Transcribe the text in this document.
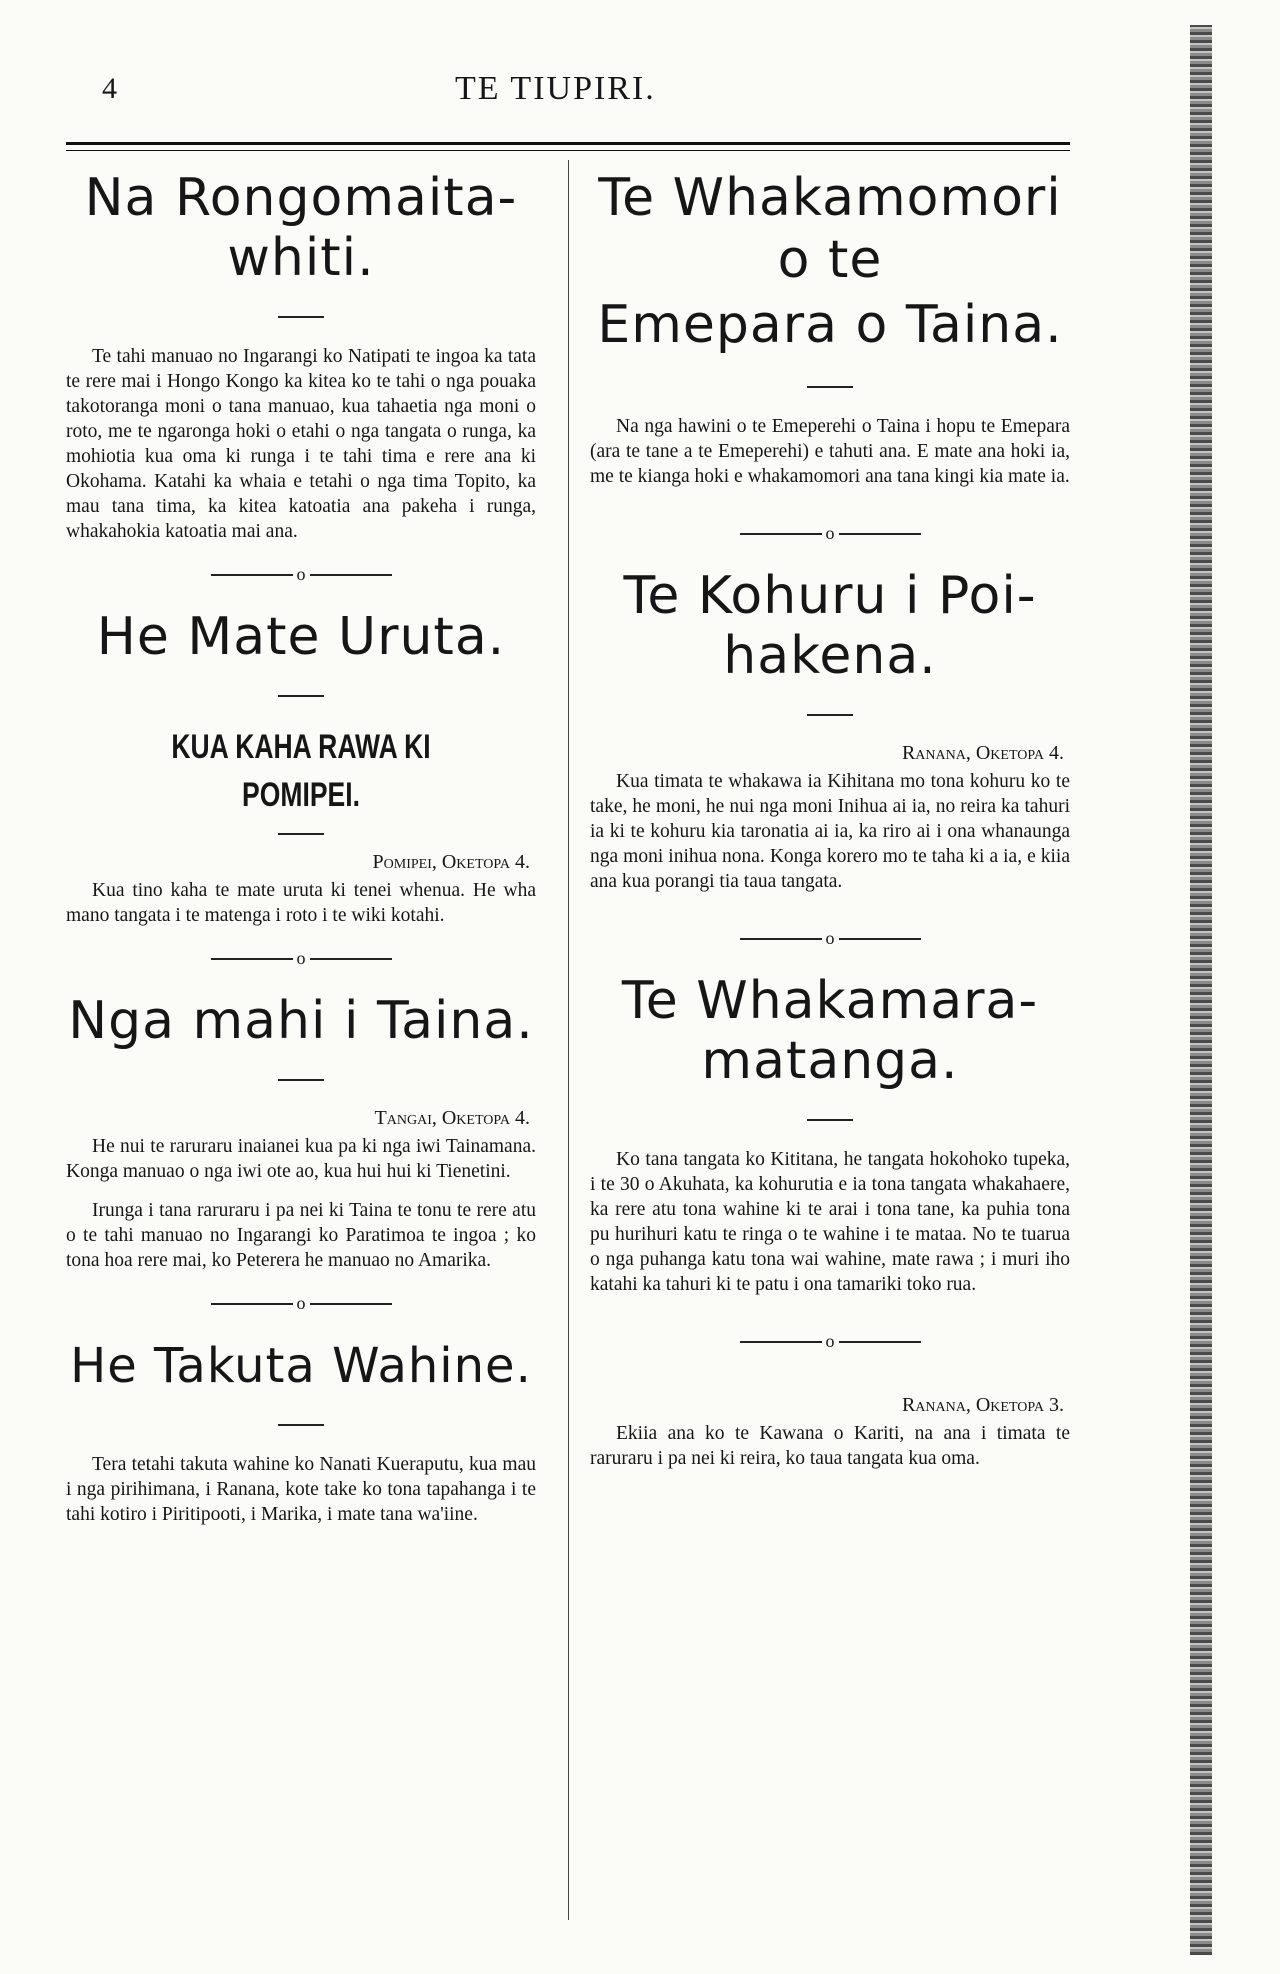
4	TE TIUPIRI.
Na Rongomaita-
whiti.

Te tahi manuao no Ingarangi ko Natipati te ingoa ka tata te rere mai i Hongo Kongo ka kitea ko te tahi o nga pouaka takotoranga moni o tana manuao, kua tahaetia nga moni o roto, me te ngaronga hoki o etahi o nga tangata o runga, ka mohiotia kua oma ki runga i te tahi tima e rere ana ki Okohama. Katahi ka whaia e tetahi o nga tima Topito, ka mau tana tima, ka kitea katoatia ana pakeha i runga, whakahokia katoatia mai ana.

o
He Mate Uruta.

KUA KAHA RAWA KI
POMIPEI.

Pomipei, Oketopa 4.

Kua tino kaha te mate uruta ki tenei whenua. He wha mano tangata i te matenga i roto i te wiki kotahi.

o
Nga mahi i Taina.

Tangai, Oketopa 4.

He nui te raruraru inaianei kua pa ki nga iwi Tainamana. Konga manuao o nga iwi ote ao, kua hui hui ki Tienetini.

Irunga i tana raruraru i pa nei ki Taina te tonu te rere atu o te tahi manuao no Ingarangi ko Paratimoa te ingoa ; ko tona hoa rere mai, ko Peterera he manuao no Amarika.

o
He Takuta Wahine.

Tera tetahi takuta wahine ko Nanati Kueraputu, kua mau i nga pirihimana, i Ranana, kote take ko tona tapahanga i te tahi kotiro i Piritipooti, i Marika, i mate tana wa'iine.

Te Whakamomori
o te
Emepara o Taina.

Na nga hawini o te Emeperehi o Taina i hopu te Emepara (ara te tane a te Emeperehi) e tahuti ana. E mate ana hoki ia, me te kianga hoki e whakamomori ana tana kingi kia mate ia.

o
Te Kohuru i Poi-
hakena.

Ranana, Oketopa 4.

Kua timata te whakawa ia Kihitana mo tona kohuru ko te take, he moni, he nui nga moni Inihua ai ia, no reira ka tahuri ia ki te kohuru kia taronatia ai ia, ka riro ai i ona whanaunga nga moni inihua nona. Konga korero mo te taha ki a ia, e kiia ana kua porangi tia taua tangata.

o
Te Whakamara-
matanga.

Ko tana tangata ko Kititana, he tangata hokohoko tupeka, i te 30 o Akuhata, ka kohurutia e ia tona tangata whakahaere, ka rere atu tona wahine ki te arai i tona tane, ka puhia tona pu hurihuri katu te ringa o te wahine i te mataa. No te tuarua o nga puhanga katu tona wai wahine, mate rawa ; i muri iho katahi ka tahuri ki te patu i ona tamariki toko rua.

o

Ranana, Oketopa 3.

Ekiia ana ko te Kawana o Kariti, na ana i timata te raruraru i pa nei ki reira, ko taua tangata kua oma.
